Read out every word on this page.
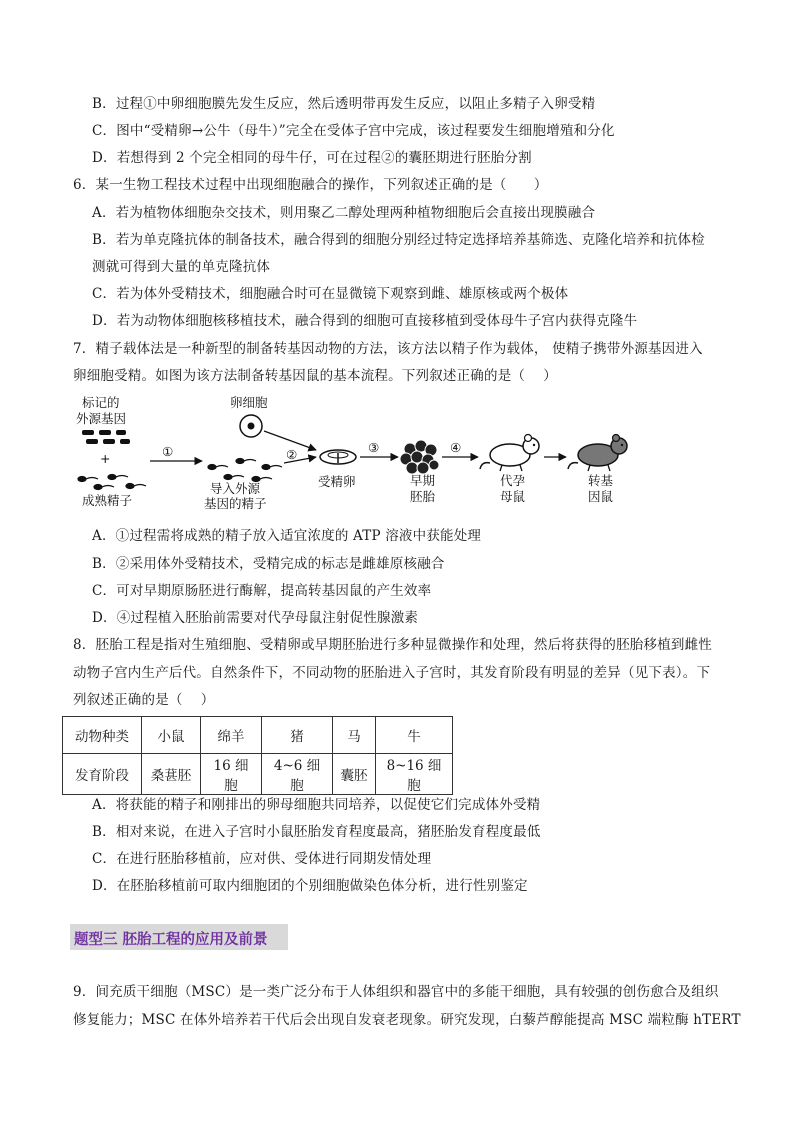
B．过程①中卵细胞膜先发生反应，然后透明带再发生反应，以阻止多精子入卵受精
C．图中“受精卵→公牛（母牛）”完全在受体子宫中完成，该过程要发生细胞增殖和分化
D．若想得到 2 个完全相同的母牛仔，可在过程②的囊胚期进行胚胎分割
6．某一生物工程技术过程中出现细胞融合的操作，下列叙述正确的是（　　）
A．若为植物体细胞杂交技术，则用聚乙二醇处理两种植物细胞后会直接出现膜融合
B．若为单克隆抗体的制备技术，融合得到的细胞分别经过特定选择培养基筛选、克隆化培养和抗体检
测就可得到大量的单克隆抗体
C．若为体外受精技术，细胞融合时可在显微镜下观察到雌、雄原核或两个极体
D．若为动物体细胞核移植技术，融合得到的细胞可直接移植到受体母牛子宫内获得克隆牛
7．精子载体法是一种新型的制备转基因动物的方法，该方法以精子作为载体， 使精子携带外源基因进入
卵细胞受精。如图为该方法制备转基因鼠的基本流程。下列叙述正确的是（　 ）
标记的
外源基因
+
成熟精子
①
导入外源
基因的精子
卵细胞
②
受精卵
③
早期
胚胎
④
代孕
母鼠
转基
因鼠
A．①过程需将成熟的精子放入适宜浓度的 ATP 溶液中获能处理
B．②采用体外受精技术，受精完成的标志是雌雄原核融合
C．可对早期原肠胚进行酶解，提高转基因鼠的产生效率
D．④过程植入胚胎前需要对代孕母鼠注射促性腺激素
8．胚胎工程是指对生殖细胞、受精卵或早期胚胎进行多种显微操作和处理，然后将获得的胚胎移植到雌性
动物子宫内生产后代。自然条件下，不同动物的胚胎进入子宫时，其发育阶段有明显的差异（见下表）。下
列叙述正确的是（　 ）
动物种类	小鼠	绵羊	猪	马	牛
发育阶段	桑葚胚	16 细胞	4~6 细胞	囊胚	8~16 细胞
A．将获能的精子和刚排出的卵母细胞共同培养，以促使它们完成体外受精
B．相对来说，在进入子宫时小鼠胚胎发育程度最高，猪胚胎发育程度最低
C．在进行胚胎移植前，应对供、受体进行同期发情处理
D．在胚胎移植前可取内细胞团的个别细胞做染色体分析，进行性别鉴定
题型三 胚胎工程的应用及前景
9．间充质干细胞（MSC）是一类广泛分布于人体组织和器官中的多能干细胞，具有较强的创伤愈合及组织
修复能力；MSC 在体外培养若干代后会出现自发衰老现象。研究发现，白藜芦醇能提高 MSC 端粒酶 hTERT
